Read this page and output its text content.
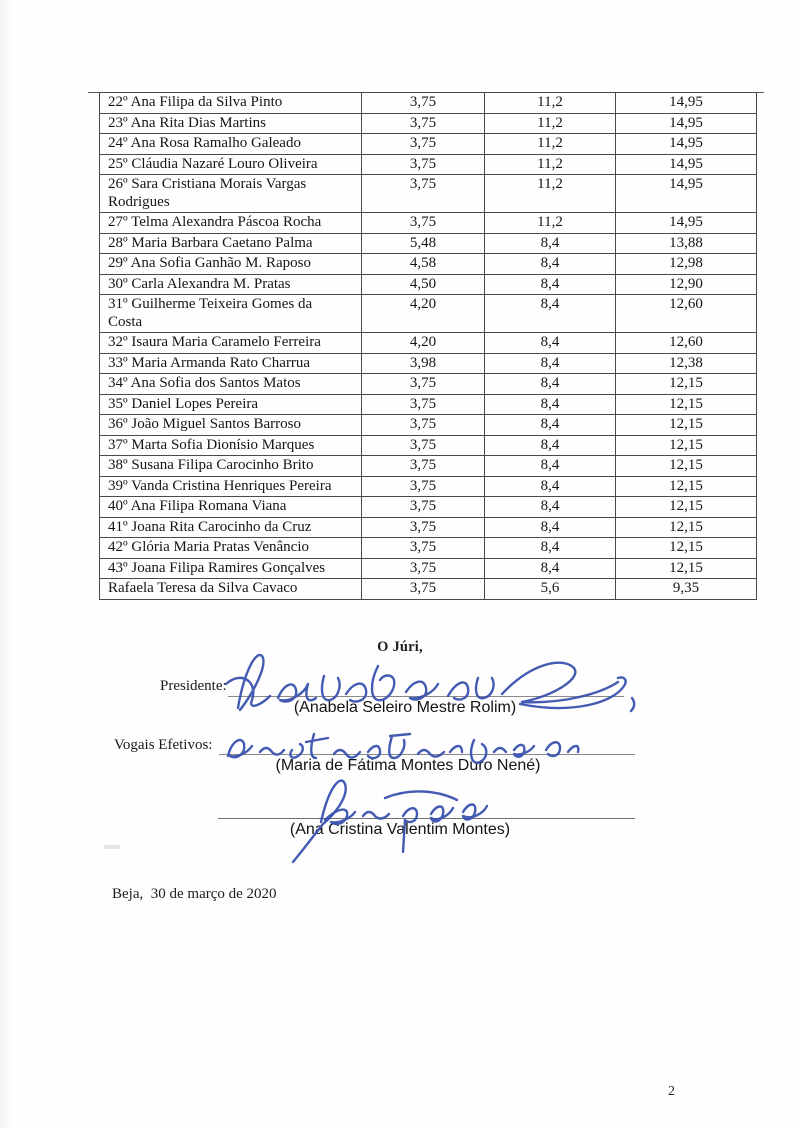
22º Ana Filipa da Silva Pinto	3,75	11,2	14,95
23º Ana Rita Dias Martins	3,75	11,2	14,95
24º Ana Rosa Ramalho Galeado	3,75	11,2	14,95
25º Cláudia Nazaré Louro Oliveira	3,75	11,2	14,95

26º Sara Cristiana Morais Vargas
Rodrigues	3,75	11,2	14,95
27º Telma Alexandra Páscoa Rocha	3,75	11,2	14,95
28º Maria Barbara Caetano Palma	5,48	8,4	13,88
29º Ana Sofia Ganhão M. Raposo	4,58	8,4	12,98
30º Carla Alexandra M. Pratas	4,50	8,4	12,90

31º Guilherme Teixeira Gomes da
Costa	4,20	8,4	12,60
32º Isaura Maria Caramelo Ferreira	4,20	8,4	12,60
33º Maria Armanda Rato Charrua	3,98	8,4	12,38
34º Ana Sofia dos Santos Matos	3,75	8,4	12,15
35º Daniel Lopes Pereira	3,75	8,4	12,15
36º João Miguel Santos Barroso	3,75	8,4	12,15
37º Marta Sofia Dionísio Marques	3,75	8,4	12,15
38º Susana Filipa Carocinho Brito	3,75	8,4	12,15
39º Vanda Cristina Henriques Pereira	3,75	8,4	12,15
40º Ana Filipa Romana Viana	3,75	8,4	12,15
41º Joana Rita Carocinho da Cruz	3,75	8,4	12,15
42º Glória Maria Pratas Venâncio	3,75	8,4	12,15
43º Joana Filipa Ramires Gonçalves	3,75	8,4	12,15
Rafaela Teresa da Silva Cavaco	3,75	5,6	9,35
O Júri,
Presidente:
(Anabela Seleiro Mestre Rolim)
Vogais Efetivos:
(Maria de Fátima Montes Duro Nené)
(Ana Cristina Valentim Montes)
Beja,  30 de março de 2020
2
